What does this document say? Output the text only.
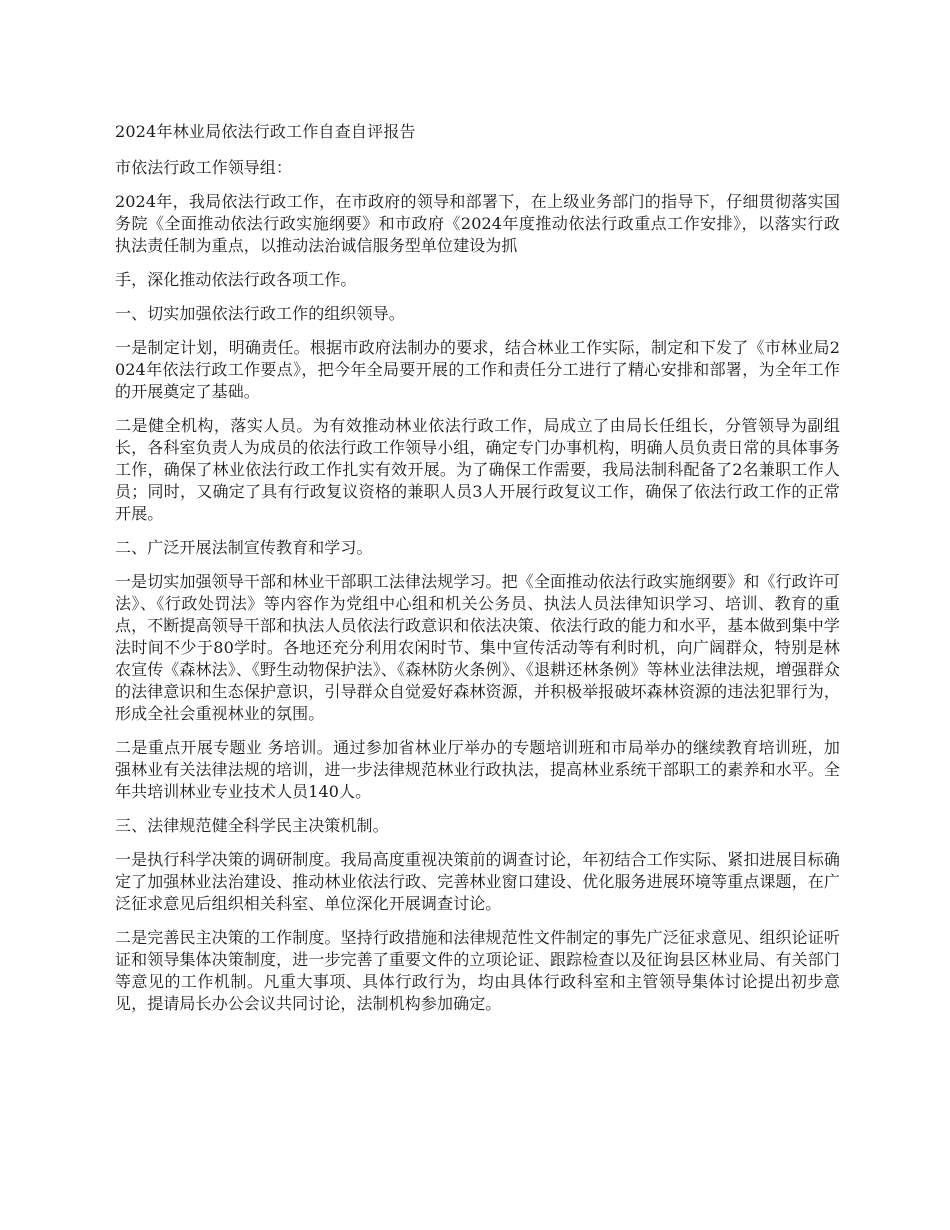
2024年林业局依法行政工作自查自评报告

市依法行政工作领导组：

2024年，我局依法行政工作，在市政府的领导和部署下，在上级业务部门的指导下，仔细贯彻落实国务院《全面推动依法行政实施纲要》和市政府《2024年度推动依法行政重点工作安排》，以落实行政执法责任制为重点，以推动法治诚信服务型单位建设为抓

手，深化推动依法行政各项工作。

一、切实加强依法行政工作的组织领导。

一是制定计划，明确责任。根据市政府法制办的要求，结合林业工作实际，制定和下发了《市林业局2024年依法行政工作要点》，把今年全局要开展的工作和责任分工进行了精心安排和部署，为全年工作的开展奠定了基础。

二是健全机构，落实人员。为有效推动林业依法行政工作，局成立了由局长任组长，分管领导为副组长，各科室负责人为成员的依法行政工作领导小组，确定专门办事机构，明确人员负责日常的具体事务工作，确保了林业依法行政工作扎实有效开展。为了确保工作需要，我局法制科配备了2名兼职工作人员；同时，又确定了具有行政复议资格的兼职人员3人开展行政复议工作，确保了依法行政工作的正常开展。

二、广泛开展法制宣传教育和学习。

一是切实加强领导干部和林业干部职工法律法规学习。把《全面推动依法行政实施纲要》和《行政许可法》、《行政处罚法》等内容作为党组中心组和机关公务员、执法人员法律知识学习、培训、教育的重点，不断提高领导干部和执法人员依法行政意识和依法决策、依法行政的能力和水平，基本做到集中学法时间不少于80学时。各地还充分利用农闲时节、集中宣传活动等有利时机，向广阔群众，特别是林农宣传《森林法》、《野生动物保护法》、《森林防火条例》、《退耕还林条例》等林业法律法规，增强群众的法律意识和生态保护意识，引导群众自觉爱好森林资源，并积极举报破坏森林资源的违法犯罪行为，形成全社会重视林业的氛围。

二是重点开展专题业 务培训。通过参加省林业厅举办的专题培训班和市局举办的继续教育培训班，加强林业有关法律法规的培训，进一步法律规范林业行政执法，提高林业系统干部职工的素养和水平。全年共培训林业专业技术人员140人。

三、法律规范健全科学民主决策机制。

一是执行科学决策的调研制度。我局高度重视决策前的调查讨论，年初结合工作实际、紧扣进展目标确定了加强林业法治建设、推动林业依法行政、完善林业窗口建设、优化服务进展环境等重点课题，在广泛征求意见后组织相关科室、单位深化开展调查讨论。

二是完善民主决策的工作制度。坚持行政措施和法律规范性文件制定的事先广泛征求意见、组织论证听证和领导集体决策制度，进一步完善了重要文件的立项论证、跟踪检查以及征询县区林业局、有关部门等意见的工作机制。凡重大事项、具体行政行为，均由具体行政科室和主管领导集体讨论提出初步意见，提请局长办公会议共同讨论，法制机构参加确定。
